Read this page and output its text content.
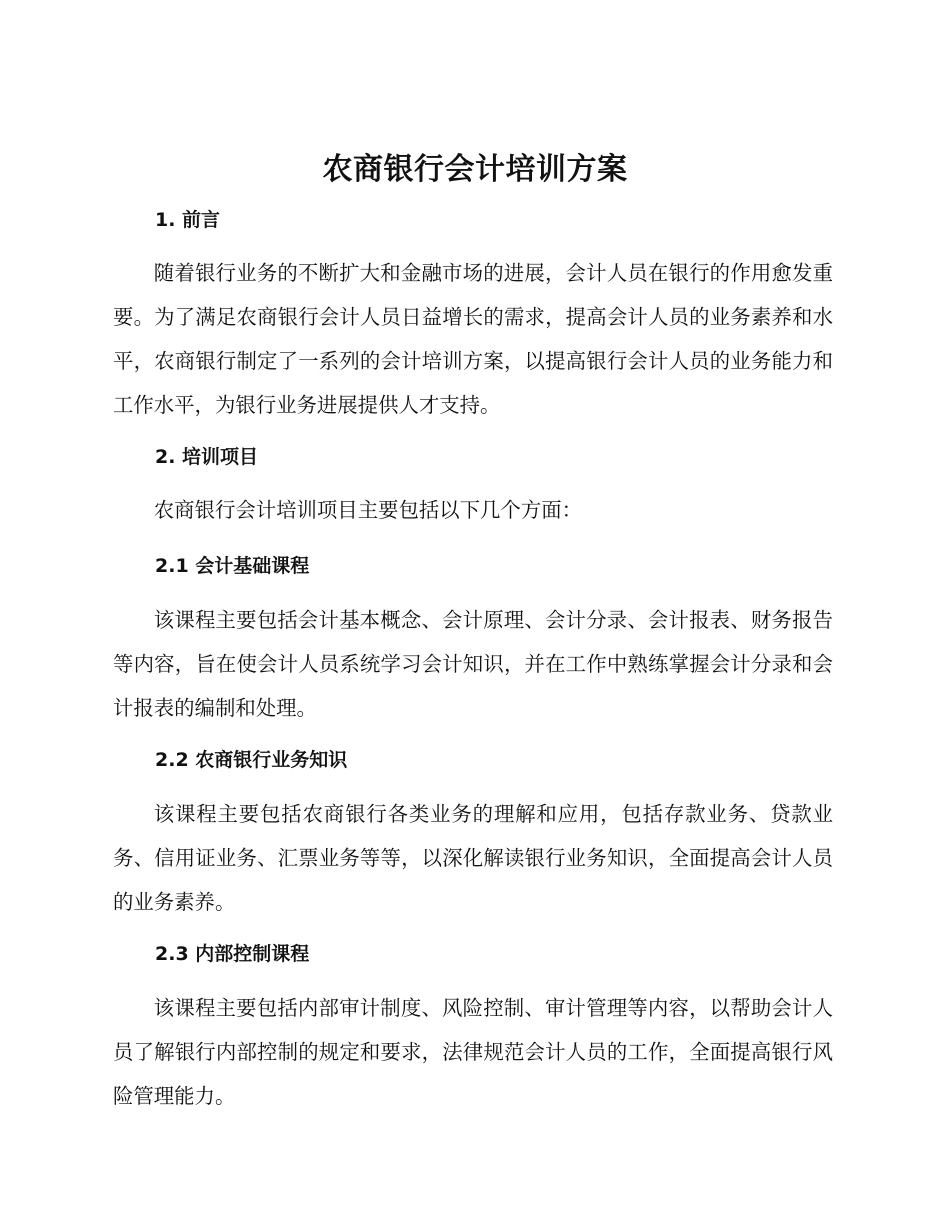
农商银行会计培训方案
1. 前言

随着银行业务的不断扩大和金融市场的进展，会计人员在银行的作用愈发重要。为了满足农商银行会计人员日益增长的需求，提高会计人员的业务素养和水平，农商银行制定了一系列的会计培训方案，以提高银行会计人员的业务能力和工作水平，为银行业务进展提供人才支持。

2. 培训项目

农商银行会计培训项目主要包括以下几个方面：

2.1 会计基础课程

该课程主要包括会计基本概念、会计原理、会计分录、会计报表、财务报告等内容，旨在使会计人员系统学习会计知识，并在工作中熟练掌握会计分录和会计报表的编制和处理。

2.2 农商银行业务知识

该课程主要包括农商银行各类业务的理解和应用，包括存款业务、贷款业务、信用证业务、汇票业务等等，以深化解读银行业务知识，全面提高会计人员的业务素养。

2.3 内部控制课程

该课程主要包括内部审计制度、风险控制、审计管理等内容，以帮助会计人员了解银行内部控制的规定和要求，法律规范会计人员的工作，全面提高银行风险管理能力。
